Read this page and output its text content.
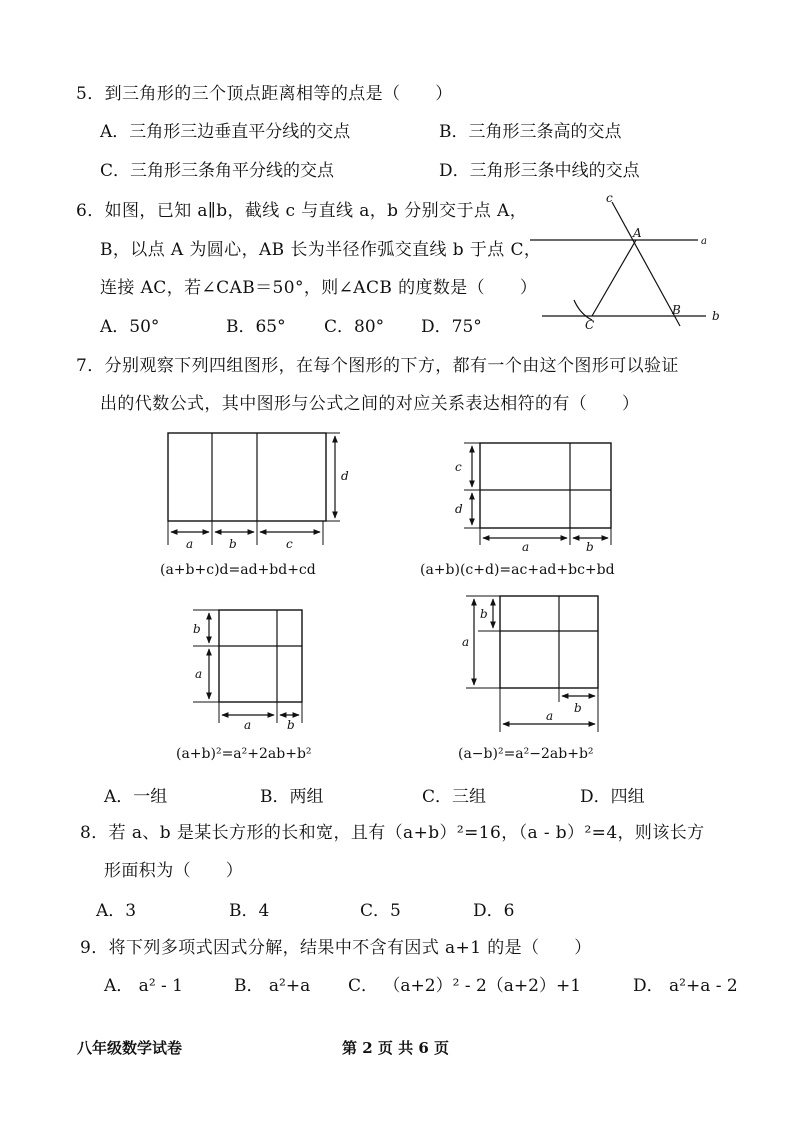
5．到三角形的三个顶点距离相等的点是（　　）
A．三角形三边垂直平分线的交点	B．三角形三条高的交点
C．三角形三条角平分线的交点	D．三角形三条中线的交点
6．如图，已知 a∥b，截线 c 与直线 a，b 分别交于点 A，
B，以点 A 为圆心，AB 长为半径作弧交直线 b 于点 C，
连接 AC，若∠CAB＝50°，则∠ACB 的度数是（　　）
A．50°	B．65° C．80° D．75°
c
a
A
B	b
C
7．分别观察下列四组图形，在每个图形的下方，都有一个由这个图形可以验证
出的代数公式，其中图形与公式之间的对应关系表达相符的有（　　）
d
a	b	c
(a+b+c)d=ad+bd+cd
c
d
a	b
(a+b)(c+d)=ac+ad+bc+bd
b
a
a	b
(a+b)²=a²+2ab+b²
b
a
b
a
(a−b)²=a²−2ab+b²
A．一组	B．两组	C．三组	D．四组
8．若 a、b 是某长方形的长和宽，且有（a+b）²=16，（a - b）²=4，则该长方
形面积为（　　）
A．3	B．4	C．5	D．6
9．将下列多项式因式分解，结果中不含有因式 a+1 的是（　　）
A． a² - 1	B． a²+a C． （a+2）² - 2（a+2）+1	D． a²+a - 2
八年级数学试卷	第 2 页 共 6 页
